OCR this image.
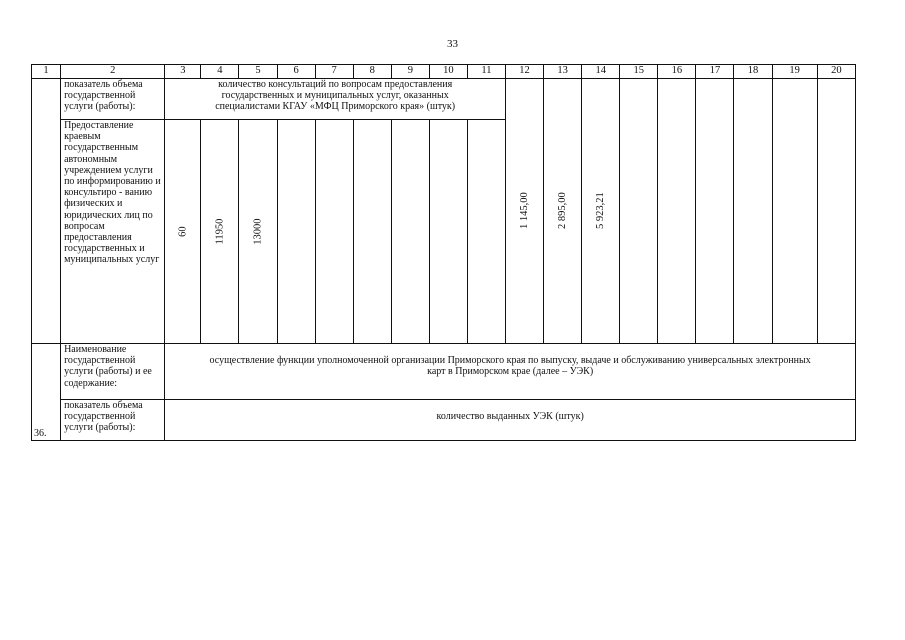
33
1	2	3	4	5	6	7	8	9	10	11	12	13	14	15	16	17	18	19	20
	показатель объема государственной услуги (работы):	количество консультаций по вопросам предоставления государственных и муниципальных услуг, оказанных специалистами КГАУ «МФЦ Приморского края» (штук)									1 145,00	2 895,00	5 923,21						
	Предоставление краевым государственным автономным учреждением услуги по информированию и консультиро - ванию физических и юридических лиц по вопросам предоставления государственных и муниципальных услуг	60	11950	13000															
36.	Наименование государственной услуги (работы) и ее содержание:	осуществление функции уполномоченной организации Приморского края по выпуску, выдаче и обслуживанию универсальных электронных карт в Приморском крае (далее – УЭК)																	

	показатель объема государственной услуги (работы):	количество выданных УЭК (штук)																	
